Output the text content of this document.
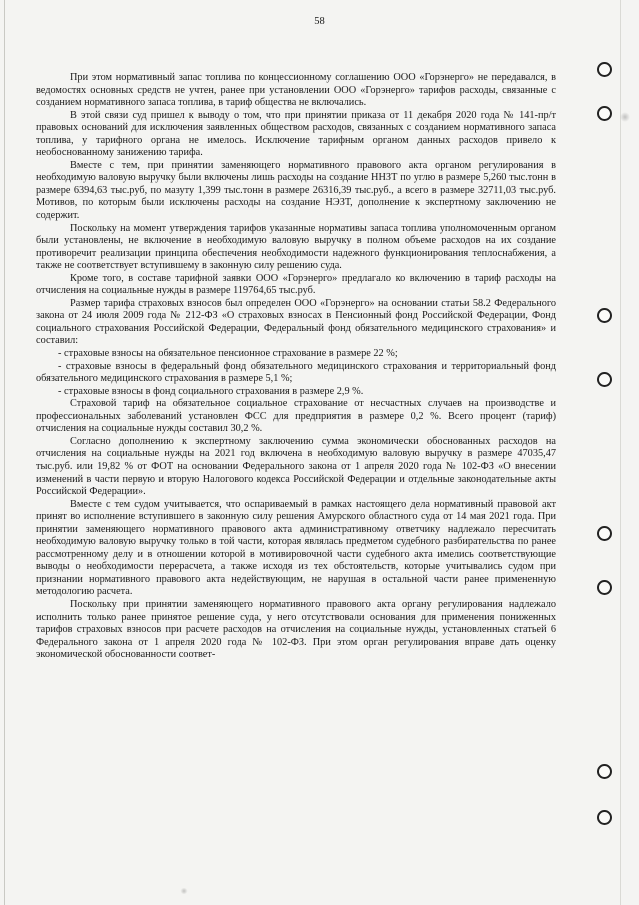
58

При этом нормативный запас топлива по концессионному соглашению ООО «Горэнерго» не передавался, в ведомостях основных средств не учтен, ранее при установлении ООО «Горэнерго» тарифов расходы, связанные с созданием нормативного запаса топлива, в тариф общества не включались.

В этой связи суд пришел к выводу о том, что при принятии приказа от 11 декабря 2020 года № 141-пр/т правовых оснований для исключения заявленных обществом расходов, связанных с созданием нормативного запаса топлива, у тарифного органа не имелось. Исключение тарифным органом данных расходов привело к необоснованному занижению тарифа.

Вместе с тем, при принятии заменяющего нормативного правового акта органом регулирования в необходимую валовую выручку были включены лишь расходы на создание ННЗТ по углю в размере 5,260 тыс.тонн в размере 6394,63 тыс.руб, по мазуту 1,399 тыс.тонн в размере 26316,39 тыс.руб., а всего в размере 32711,03 тыс.руб. Мотивов, по которым были исключены расходы на создание НЭЗТ, дополнение к экспертному заключению не содержит.

Поскольку на момент утверждения тарифов указанные нормативы запаса топлива уполномоченным органом были установлены, не включение в необходимую валовую выручку в полном объеме расходов на их создание противоречит реализации принципа обеспечения необходимости надежного функционирования теплоснабжения, а также не соответствует вступившему в законную силу решению суда.

Кроме того, в составе тарифной заявки ООО «Горэнерго» предлагало ко включению в тариф расходы на отчисления на социальные нужды в размере 119764,65 тыс.руб.

Размер тарифа страховых взносов был определен ООО «Горэнерго» на основании статьи 58.2 Федерального закона от 24 июля 2009 года № 212-ФЗ «О страховых взносах в Пенсионный фонд Российской Федерации, Фонд социального страхования Российской Федерации, Федеральный фонд обязательного медицинского страхования» и составил:

- страховые взносы на обязательное пенсионное страхование в размере 22 %;

- страховые взносы в федеральный фонд обязательного медицинского страхования и территориальный фонд обязательного медицинского страхования в размере 5,1 %;

- страховые взносы в фонд социального страхования в размере 2,9 %.

Страховой тариф на обязательное социальное страхование от несчастных случаев на производстве и профессиональных заболеваний установлен ФСС для предприятия в размере 0,2 %. Всего процент (тариф) отчисления на социальные нужды составил 30,2 %.

Согласно дополнению к экспертному заключению сумма экономически обоснованных расходов на отчисления на социальные нужды на 2021 год включена в необходимую валовую выручку в размере 47035,47 тыс.руб. или 19,82 % от ФОТ на основании Федерального закона от 1 апреля 2020 года № 102-ФЗ «О внесении изменений в части первую и вторую Налогового кодекса Российской Федерации и отдельные законодательные акты Российской Федерации».

Вместе с тем судом учитывается, что оспариваемый в рамках настоящего дела нормативный правовой акт принят во исполнение вступившего в законную силу решения Амурского областного суда от 14 мая 2021 года. При принятии заменяющего нормативного правового акта административному ответчику надлежало пересчитать необходимую валовую выручку только в той части, которая являлась предметом судебного разбирательства по ранее рассмотренному делу и в отношении которой в мотивировочной части судебного акта имелись соответствующие выводы о необходимости перерасчета, а также исходя из тех обстоятельств, которые учитывались судом при признании нормативного правового акта недействующим, не нарушая в остальной части ранее примененную методологию расчета.

Поскольку при принятии заменяющего нормативного правового акта органу регулирования надлежало исполнить только ранее принятое решение суда, у него отсутствовали основания для применения пониженных тарифов страховых взносов при расчете расходов на отчисления на социальные нужды, установленных статьей 6 Федерального закона от 1 апреля 2020 года № 102-ФЗ. При этом орган регулирования вправе дать оценку экономической обоснованности соответ-
